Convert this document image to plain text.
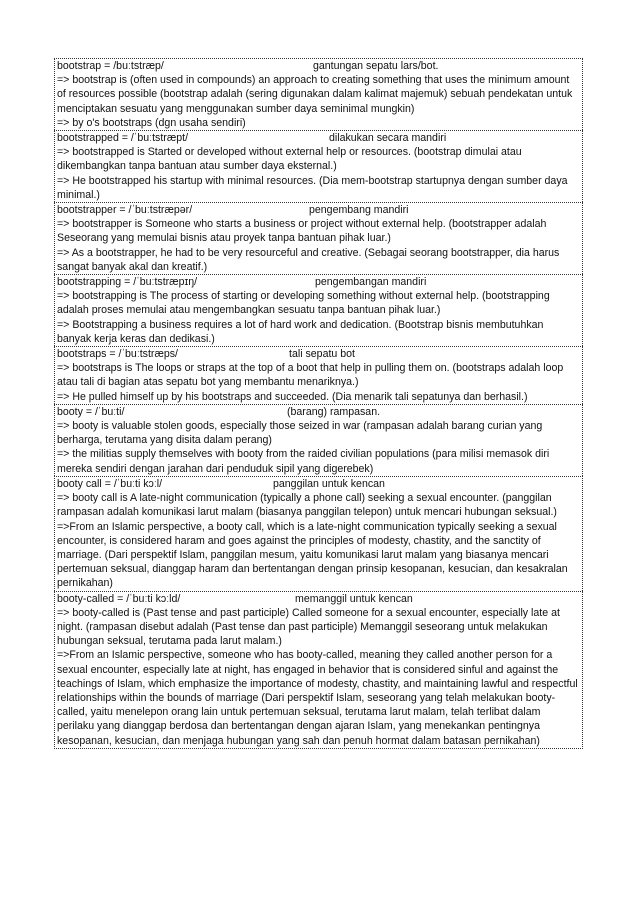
bootstrap = /buːtstræp/	gantungan sepatu lars/bot.
=> bootstrap is (often used in compounds) an approach to creating something that uses the minimum amount of resources possible (bootstrap adalah (sering digunakan dalam kalimat majemuk) sebuah pendekatan untuk menciptakan sesuatu yang menggunakan sumber daya seminimal mungkin)
=> by o's bootstraps (dgn usaha sendiri)
bootstrapped = /ˈbuːtstræpt/	dilakukan secara mandiri
=> bootstrapped is Started or developed without external help or resources. (bootstrap dimulai atau dikembangkan tanpa bantuan atau sumber daya eksternal.)
=> He bootstrapped his startup with minimal resources. (Dia mem-bootstrap startupnya dengan sumber daya minimal.)
bootstrapper = /ˈbuːtstræpər/	pengembang mandiri
=> bootstrapper is Someone who starts a business or project without external help. (bootstrapper adalah Seseorang yang memulai bisnis atau proyek tanpa bantuan pihak luar.)
=> As a bootstrapper, he had to be very resourceful and creative. (Sebagai seorang bootstrapper, dia harus sangat banyak akal dan kreatif.)
bootstrapping = /ˈbuːtstræpɪŋ/	pengembangan mandiri
=> bootstrapping is The process of starting or developing something without external help. (bootstrapping adalah proses memulai atau mengembangkan sesuatu tanpa bantuan pihak luar.)
=> Bootstrapping a business requires a lot of hard work and dedication. (Bootstrap bisnis membutuhkan banyak kerja keras dan dedikasi.)
bootstraps = /ˈbuːtstræps/	tali sepatu bot
=> bootstraps is The loops or straps at the top of a boot that help in pulling them on. (bootstraps adalah loop atau tali di bagian atas sepatu bot yang membantu menariknya.)
=> He pulled himself up by his bootstraps and succeeded. (Dia menarik tali sepatunya dan berhasil.)
booty = /ˈbuːti/	(barang) rampasan.
=> booty is valuable stolen goods, especially those seized in war (rampasan adalah barang curian yang berharga, terutama yang disita dalam perang)
=> the militias supply themselves with booty from the raided civilian populations (para milisi memasok diri mereka sendiri dengan jarahan dari penduduk sipil yang digerebek)
booty call = /ˈbuːti kɔːl/	panggilan untuk kencan
=> booty call is A late-night communication (typically a phone call) seeking a sexual encounter. (panggilan rampasan adalah komunikasi larut malam (biasanya panggilan telepon) untuk mencari hubungan seksual.)
=>From an Islamic perspective, a booty call, which is a late-night communication typically seeking a sexual encounter, is considered haram and goes against the principles of modesty, chastity, and the sanctity of marriage. (Dari perspektif Islam, panggilan mesum, yaitu komunikasi larut malam yang biasanya mencari pertemuan seksual, dianggap haram dan bertentangan dengan prinsip kesopanan, kesucian, dan kesakralan pernikahan)
booty-called = /ˈbuːti kɔːld/	memanggil untuk kencan
=> booty-called is (Past tense and past participle) Called someone for a sexual encounter, especially late at night. (rampasan disebut adalah (Past tense dan past participle) Memanggil seseorang untuk melakukan hubungan seksual, terutama pada larut malam.)
=>From an Islamic perspective, someone who has booty-called, meaning they called another person for a sexual encounter, especially late at night, has engaged in behavior that is considered sinful and against the teachings of Islam, which emphasize the importance of modesty, chastity, and maintaining lawful and respectful relationships within the bounds of marriage (Dari perspektif Islam, seseorang yang telah melakukan booty-called, yaitu menelepon orang lain untuk pertemuan seksual, terutama larut malam, telah terlibat dalam perilaku yang dianggap berdosa dan bertentangan dengan ajaran Islam, yang menekankan pentingnya kesopanan, kesucian, dan menjaga hubungan yang sah dan penuh hormat dalam batasan pernikahan)
